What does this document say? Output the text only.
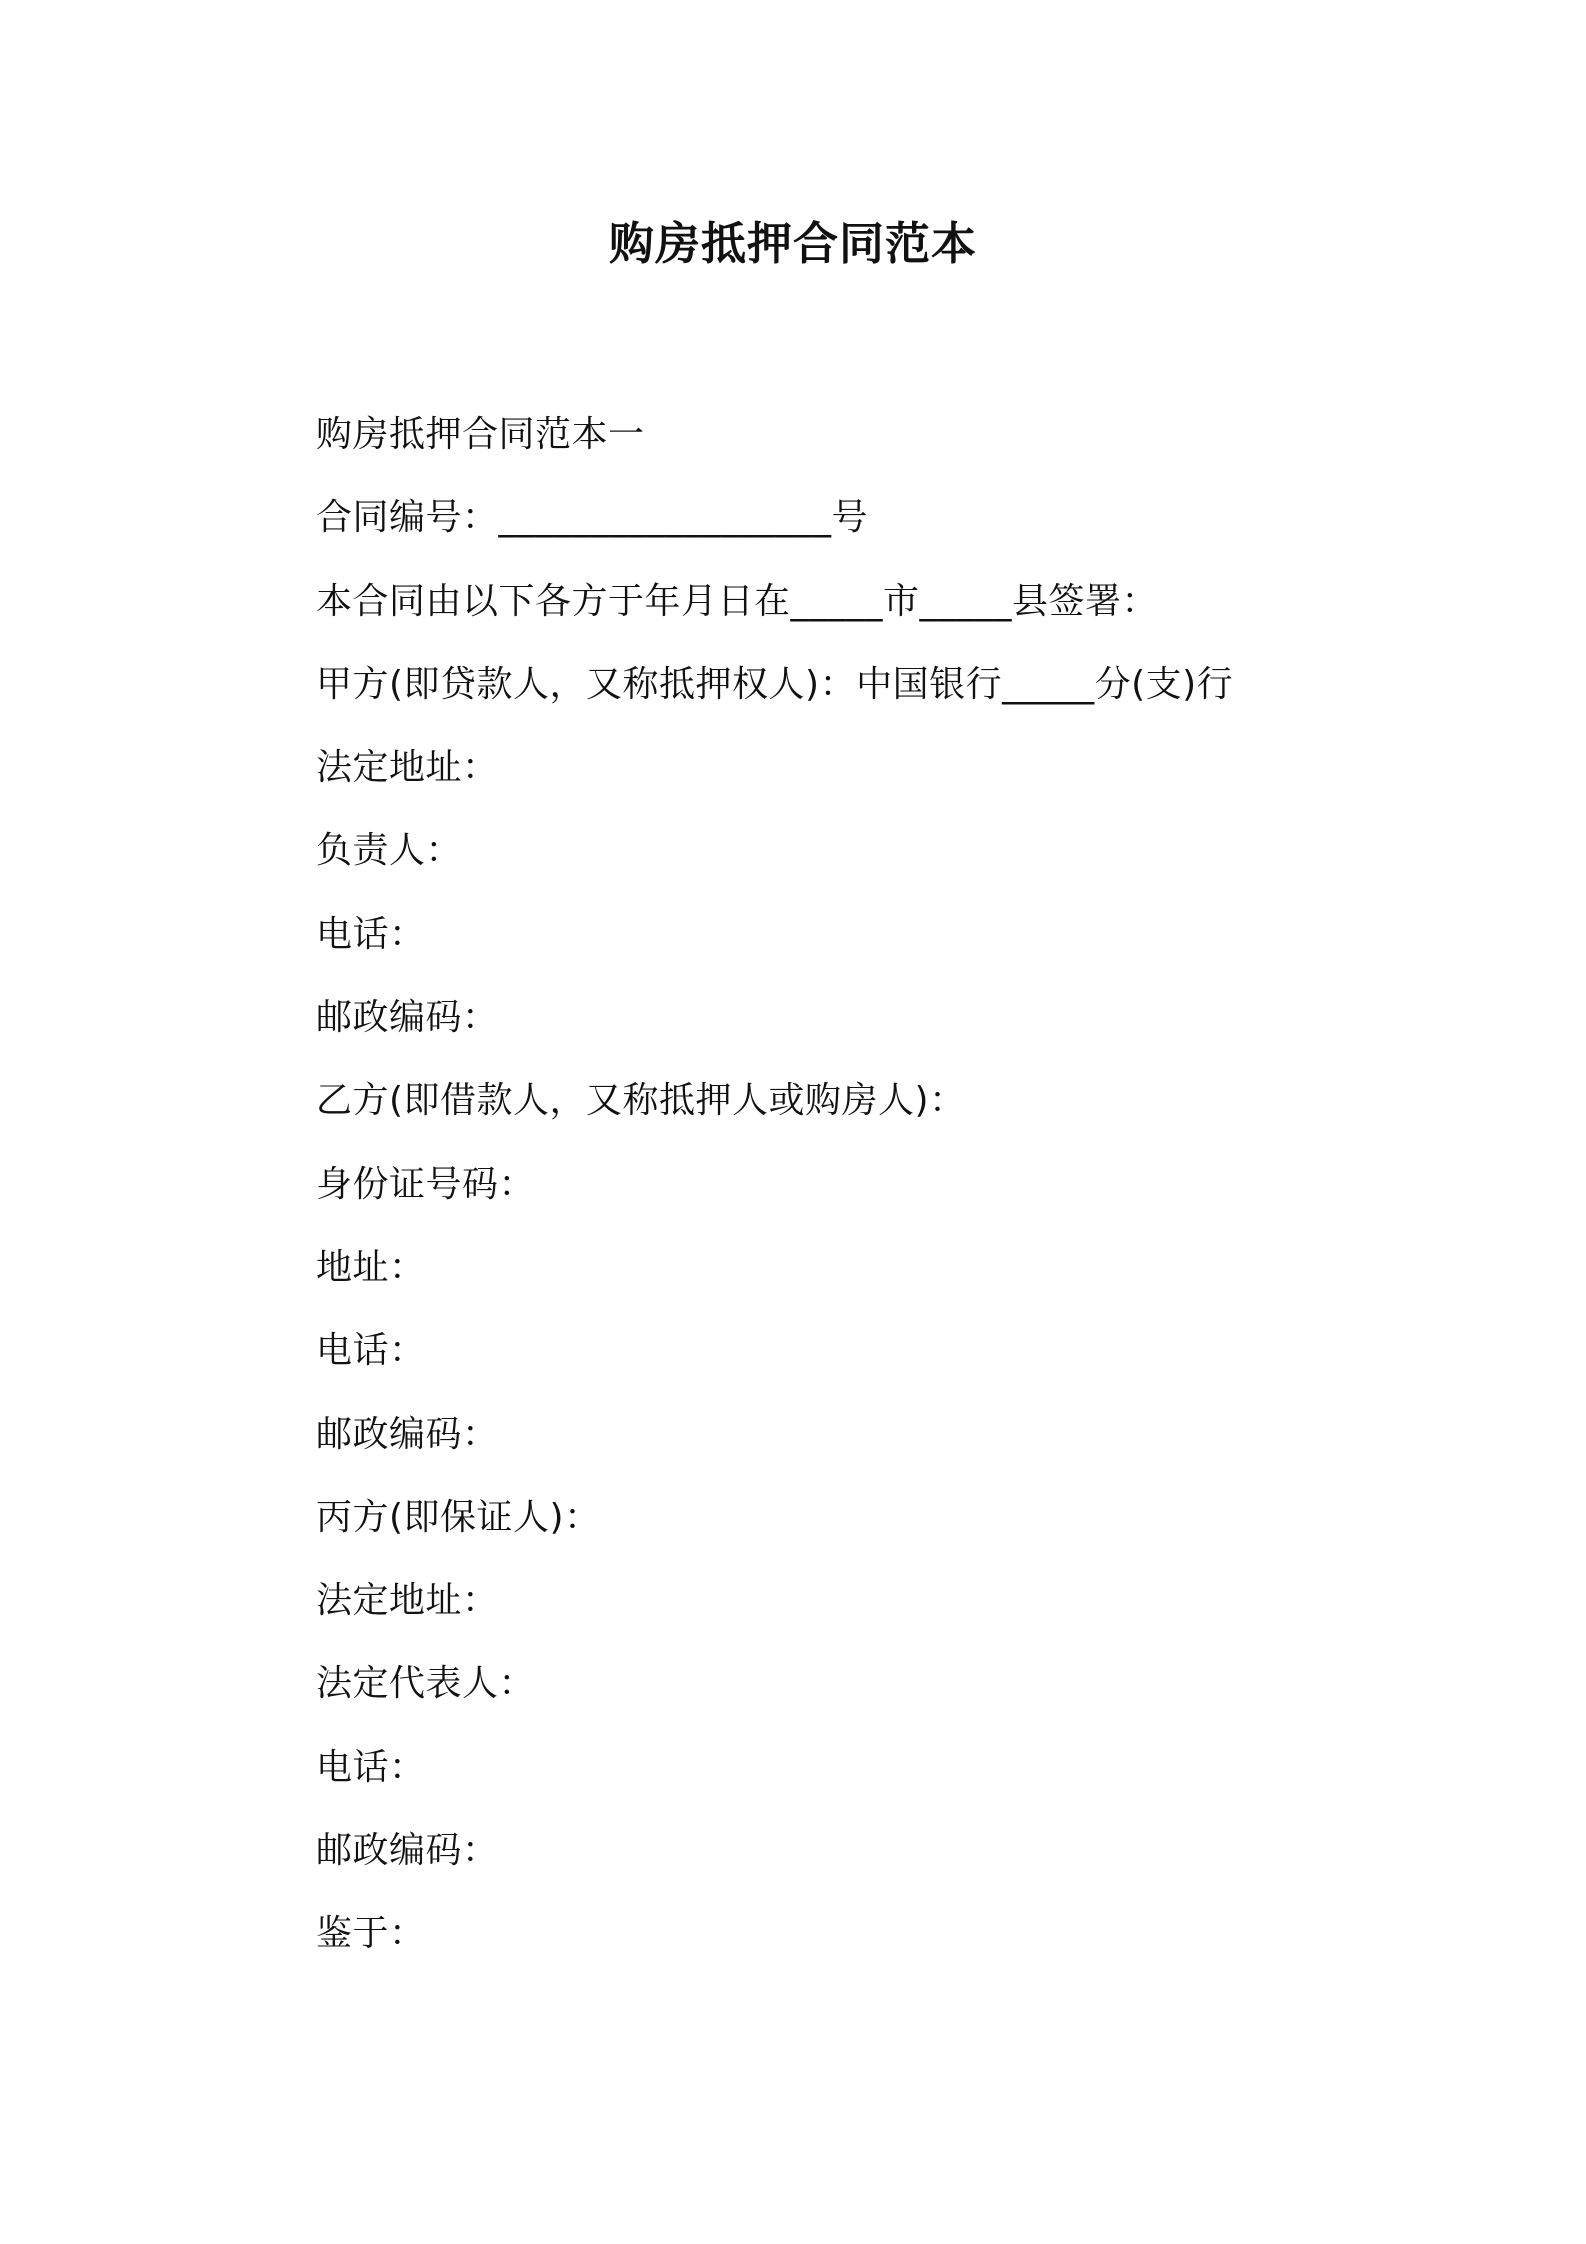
购房抵押合同范本
购房抵押合同范本一
合同编号：__________________号
本合同由以下各方于年月日在_____市_____县签署：
甲方(即贷款人，又称抵押权人)：中国银行_____分(支)行
法定地址：
负责人：
电话：
邮政编码：
乙方(即借款人，又称抵押人或购房人)：
身份证号码：
地址：
电话：
邮政编码：
丙方(即保证人)：
法定地址：
法定代表人：
电话：
邮政编码：
鉴于：
